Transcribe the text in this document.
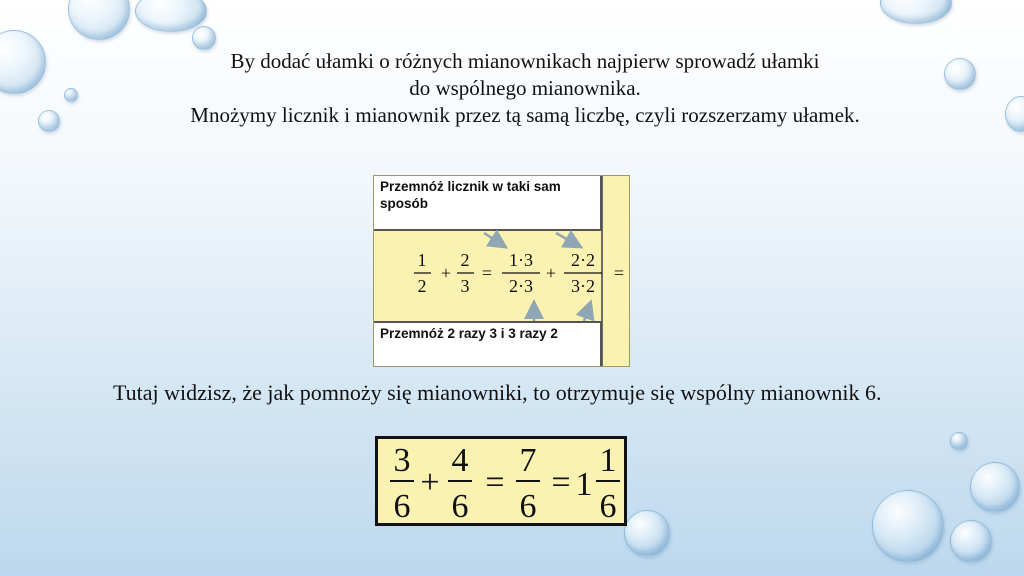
By dodać ułamki o różnych mianownikach najpierw sprowadź ułamki
do wspólnego mianownika.
Mnożymy licznik i mianownik przez tą samą liczbę, czyli rozszerzamy ułamek.
Przemnóż licznik w taki sam sposób
1
2
+
2
3
=
1·3
2·3
+
2·2
3·2
=
Przemnóż 2 razy 3 i 3 razy 2
Tutaj widzisz, że jak pomnoży się mianowniki, to otrzymuje się wspólny mianownik 6.
3
6
+
4
6
=
7
6
= 1
1
6
